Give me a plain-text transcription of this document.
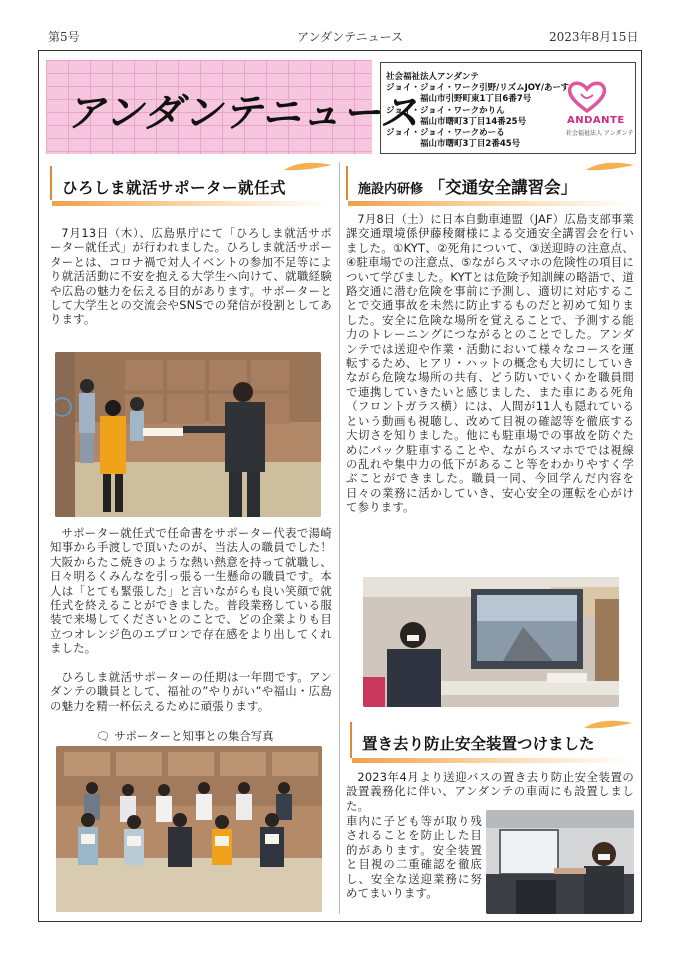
第5号	アンダンテニュース	2023年8月15日
アンダンテニュース
社会福祉法人アンダンテ
ジョイ・ジョイ・ワーク引野/リズムJOY/あーす
福山市引野町東1丁目6番7号
ジョイ・ジョイ・ワークかりん
福山市曙町3丁目14番25号
ジョイ・ジョイ・ワークめーる
福山市曙町3丁目2番45号
ANDANTE
社会福祉法人 アンダンテ
ひろしま就活サポーター就任式
7月13日（木）、広島県庁にて「ひろしま就活サポーター就任式」が行われました。ひろしま就活サポーターとは、コロナ禍で対人イベントの参加不足等により就活活動に不安を抱える大学生へ向けて、就職経験や広島の魅力を伝える目的があります。サポーターとして大学生との交流会やSNSでの発信が役割としてあります。
サポーター就任式で任命書をサポーター代表で湯崎知事から手渡しで頂いたのが、当法人の職員でした！大阪からたこ焼きのような熱い熱意を持って就職し、日々明るくみんなを引っ張る一生懸命の職員です。本人は「とても緊張した」と言いながらも良い笑顔で就任式を終えることができました。普段業務している服装で来場してくださいとのことで、どの企業よりも目立つオレンジ色のエプロンで存在感をより出してくれました。
ひろしま就活サポーターの任期は一年間です。アンダンテの職員として、福祉の”やりがい”や福山・広島の魅力を精一杯伝えるために頑張ります。
🗨 サポーターと知事との集合写真
施設内研修 「交通安全講習会」
7月8日（土）に日本自動車連盟（JAF）広島支部事業課交通環境係伊藤稜爾様による交通安全講習会を行いました。①KYT、②死角について、③送迎時の注意点、④駐車場での注意点、⑤ながらスマホの危険性の項目について学びました。KYTとは危険予知訓練の略語で、道路交通に潜む危険を事前に予測し、適切に対応することで交通事故を未然に防止するものだと初めて知りました。安全に危険な場所を覚えることで、予測する能力のトレーニングにつながるとのことでした。アンダンテでは送迎や作業・活動において様々なコースを運転するため、ヒアリ・ハットの概念も大切にしていきながら危険な場所の共有、どう防いでいくかを職員間で連携していきたいと感じました、また車にある死角（フロントガラス横）には、人間が11人も隠れているという動画も視聴し、改めて目視の確認等を徹底する大切さを知りました。他にも駐車場での事故を防ぐためにバック駐車することや、ながらスマホででは視線の乱れや集中力の低下があること等をわかりやすく学ぶことができました。職員一同、今回学んだ内容を日々の業務に活かしていき、安心安全の運転を心がけて参ります。
置き去り防止安全装置つけました
2023年4月より送迎バスの置き去り防止安全装置の設置義務化に伴い、アンダンテの車両にも設置しました。
車内に子ども等が取り残されることを防止した目的があります。安全装置と目視の二重確認を徹底し、安全な送迎業務に努めてまいります。
